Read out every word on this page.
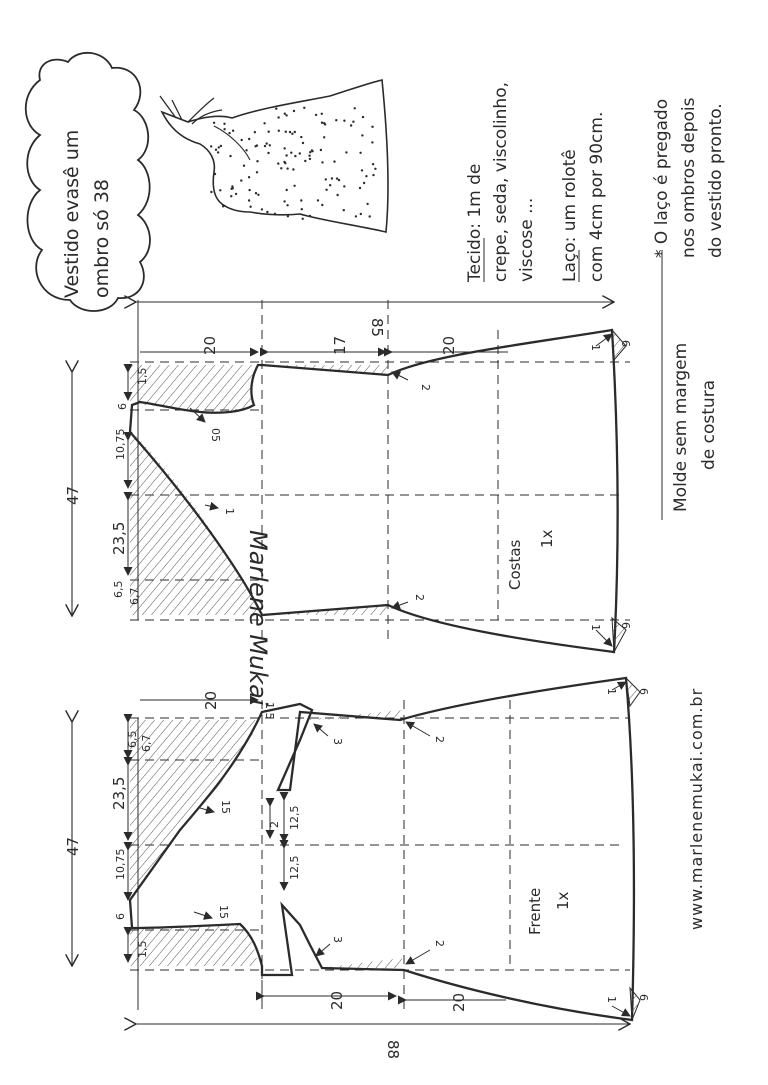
Vestido evasê um ombro só 38	Tecido: 1m de crepe, seda, viscolinho, viscose ... Laço: um rolotê com 4cm por 90cm.	* O laço é pregado nos ombros depois do vestido pronto.
Molde sem margem de costura
85
47
20	17	20
1,5
6
10,75
23,5
6,5 6,7
05
1
2
2
1
1
6
6
Costas
1x
88
47
6,5 6,7
23,5
10,75
6
1,5
20
20	20
15
15
12,5
12,5
2
3
3
2
2
1,5
1
1
6
6
Frente 1x
Marlene Mukai
www.marlenemukai.com.br
